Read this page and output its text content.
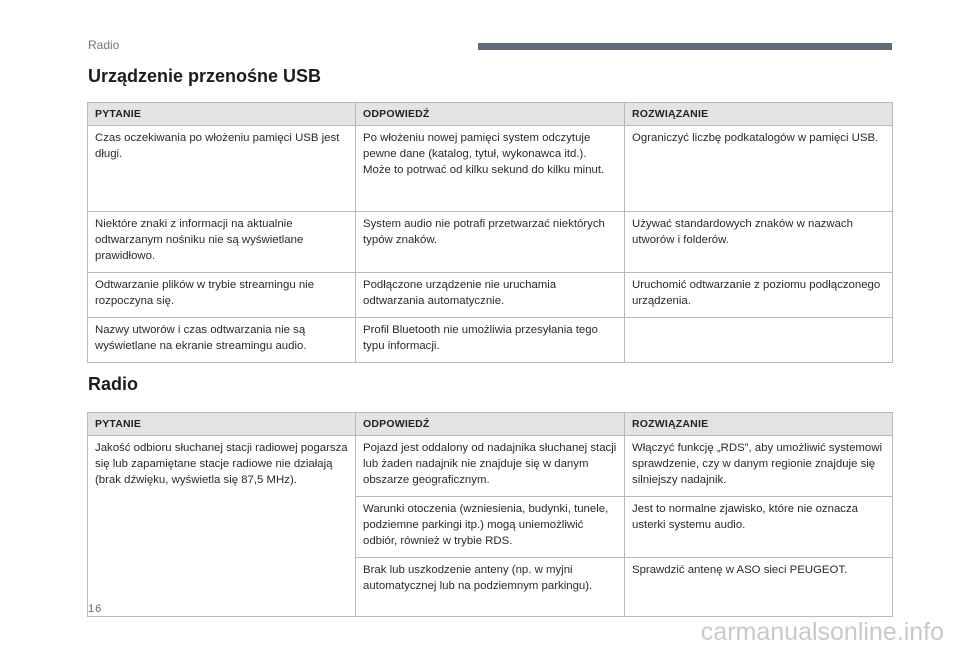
Radio
Urządzenie przenośne USB
PYTANIE	ODPOWIEDŹ	ROZWIĄZANIE
Czas oczekiwania po włożeniu pamięci USB jest długi.	Po włożeniu nowej pamięci system odczytuje pewne dane (katalog, tytuł, wykonawca itd.). Może to potrwać od kilku sekund do kilku minut.	Ograniczyć liczbę podkatalogów w pamięci USB.
Niektóre znaki z informacji na aktualnie odtwarzanym nośniku nie są wyświetlane prawidłowo.	System audio nie potrafi przetwarzać niektórych typów znaków.	Używać standardowych znaków w nazwach utworów i folderów.
Odtwarzanie plików w trybie streamingu nie rozpoczyna się.	Podłączone urządzenie nie uruchamia odtwarzania automatycznie.	Uruchomić odtwarzanie z poziomu podłączonego urządzenia.
Nazwy utworów i czas odtwarzania nie są wyświetlane na ekranie streamingu audio.	Profil Bluetooth nie umożliwia przesyłania tego typu informacji.	
Radio
PYTANIE	ODPOWIEDŹ	ROZWIĄZANIE
Jakość odbioru słuchanej stacji radiowej pogarsza się lub zapamiętane stacje radiowe nie działają (brak dźwięku, wyświetla się 87,5 MHz).	Pojazd jest oddalony od nadajnika słuchanej stacji lub żaden nadajnik nie znajduje się w danym obszarze geograficznym.	Włączyć funkcję „RDS”, aby umożliwić systemowi sprawdzenie, czy w danym regionie znajduje się silniejszy nadajnik.
	Warunki otoczenia (wzniesienia, budynki, tunele, podziemne parkingi itp.) mogą uniemożliwić odbiór, również w trybie RDS.	Jest to normalne zjawisko, które nie oznacza usterki systemu audio.
	Brak lub uszkodzenie anteny (np. w myjni automatycznej lub na podziemnym parkingu).	Sprawdzić antenę w ASO sieci PEUGEOT.
16
carmanualsonline.info
